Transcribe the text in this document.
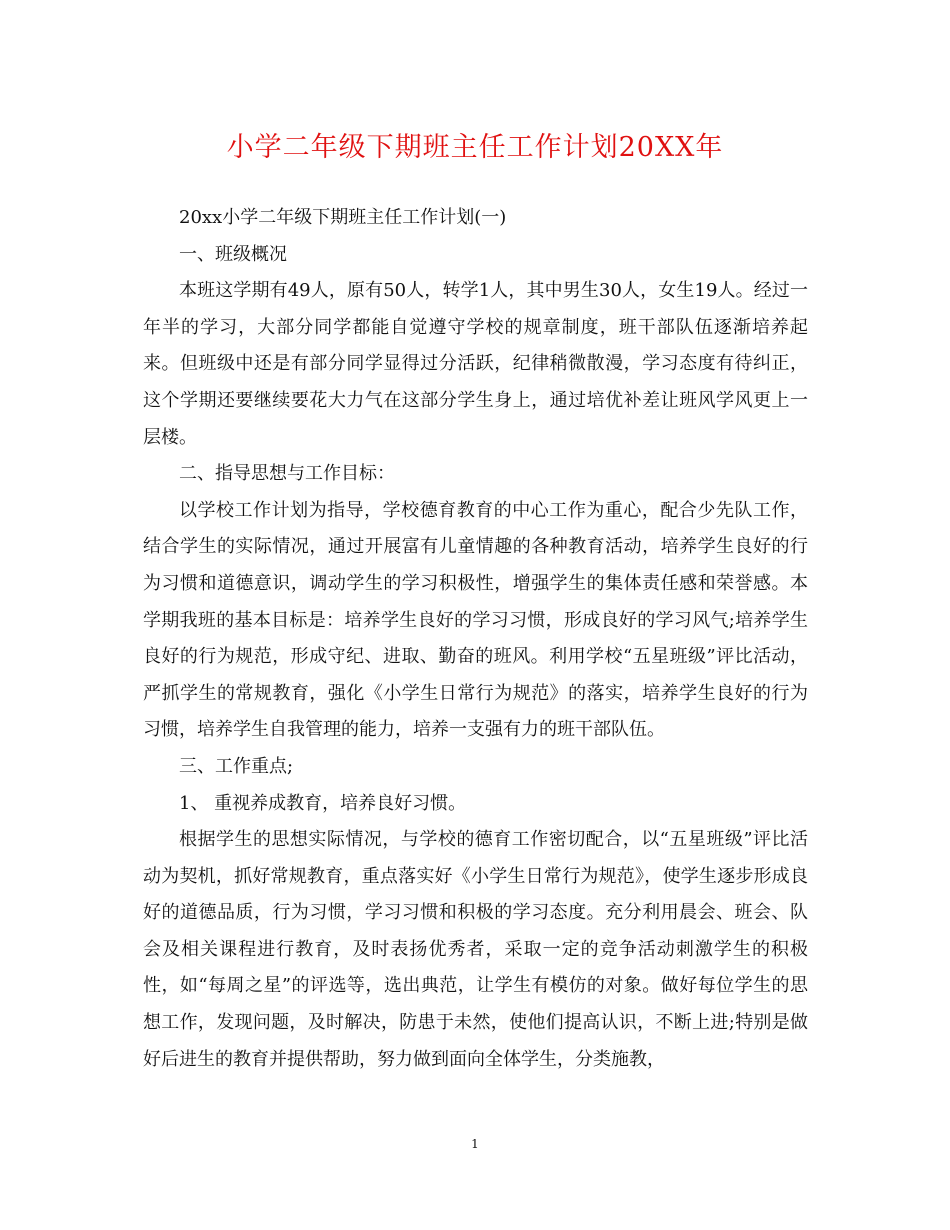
小学二年级下期班主任工作计划20XX年

20xx小学二年级下期班主任工作计划(一)

一、班级概况

本班这学期有49人，原有50人，转学1人，其中男生30人，女生19人。经过一年半的学习，大部分同学都能自觉遵守学校的规章制度，班干部队伍逐渐培养起来。但班级中还是有部分同学显得过分活跃，纪律稍微散漫，学习态度有待纠正，这个学期还要继续要花大力气在这部分学生身上，通过培优补差让班风学风更上一层楼。

二、指导思想与工作目标：

以学校工作计划为指导，学校德育教育的中心工作为重心，配合少先队工作，结合学生的实际情况，通过开展富有儿童情趣的各种教育活动，培养学生良好的行为习惯和道德意识，调动学生的学习积极性，增强学生的集体责任感和荣誉感。本学期我班的基本目标是：培养学生良好的学习习惯，形成良好的学习风气;培养学生良好的行为规范，形成守纪、进取、勤奋的班风。利用学校“五星班级”评比活动，严抓学生的常规教育，强化《小学生日常行为规范》的落实，培养学生良好的行为习惯，培养学生自我管理的能力，培养一支强有力的班干部队伍。

三、工作重点;

1、 重视养成教育，培养良好习惯。

根据学生的思想实际情况，与学校的德育工作密切配合，以“五星班级”评比活动为契机，抓好常规教育，重点落实好《小学生日常行为规范》，使学生逐步形成良好的道德品质，行为习惯，学习习惯和积极的学习态度。充分利用晨会、班会、队会及相关课程进行教育，及时表扬优秀者，采取一定的竞争活动刺激学生的积极性，如“每周之星”的评选等，选出典范，让学生有模仿的对象。做好每位学生的思想工作，发现问题，及时解决，防患于未然，使他们提高认识，不断上进;特别是做好后进生的教育并提供帮助，努力做到面向全体学生，分类施教，

1
